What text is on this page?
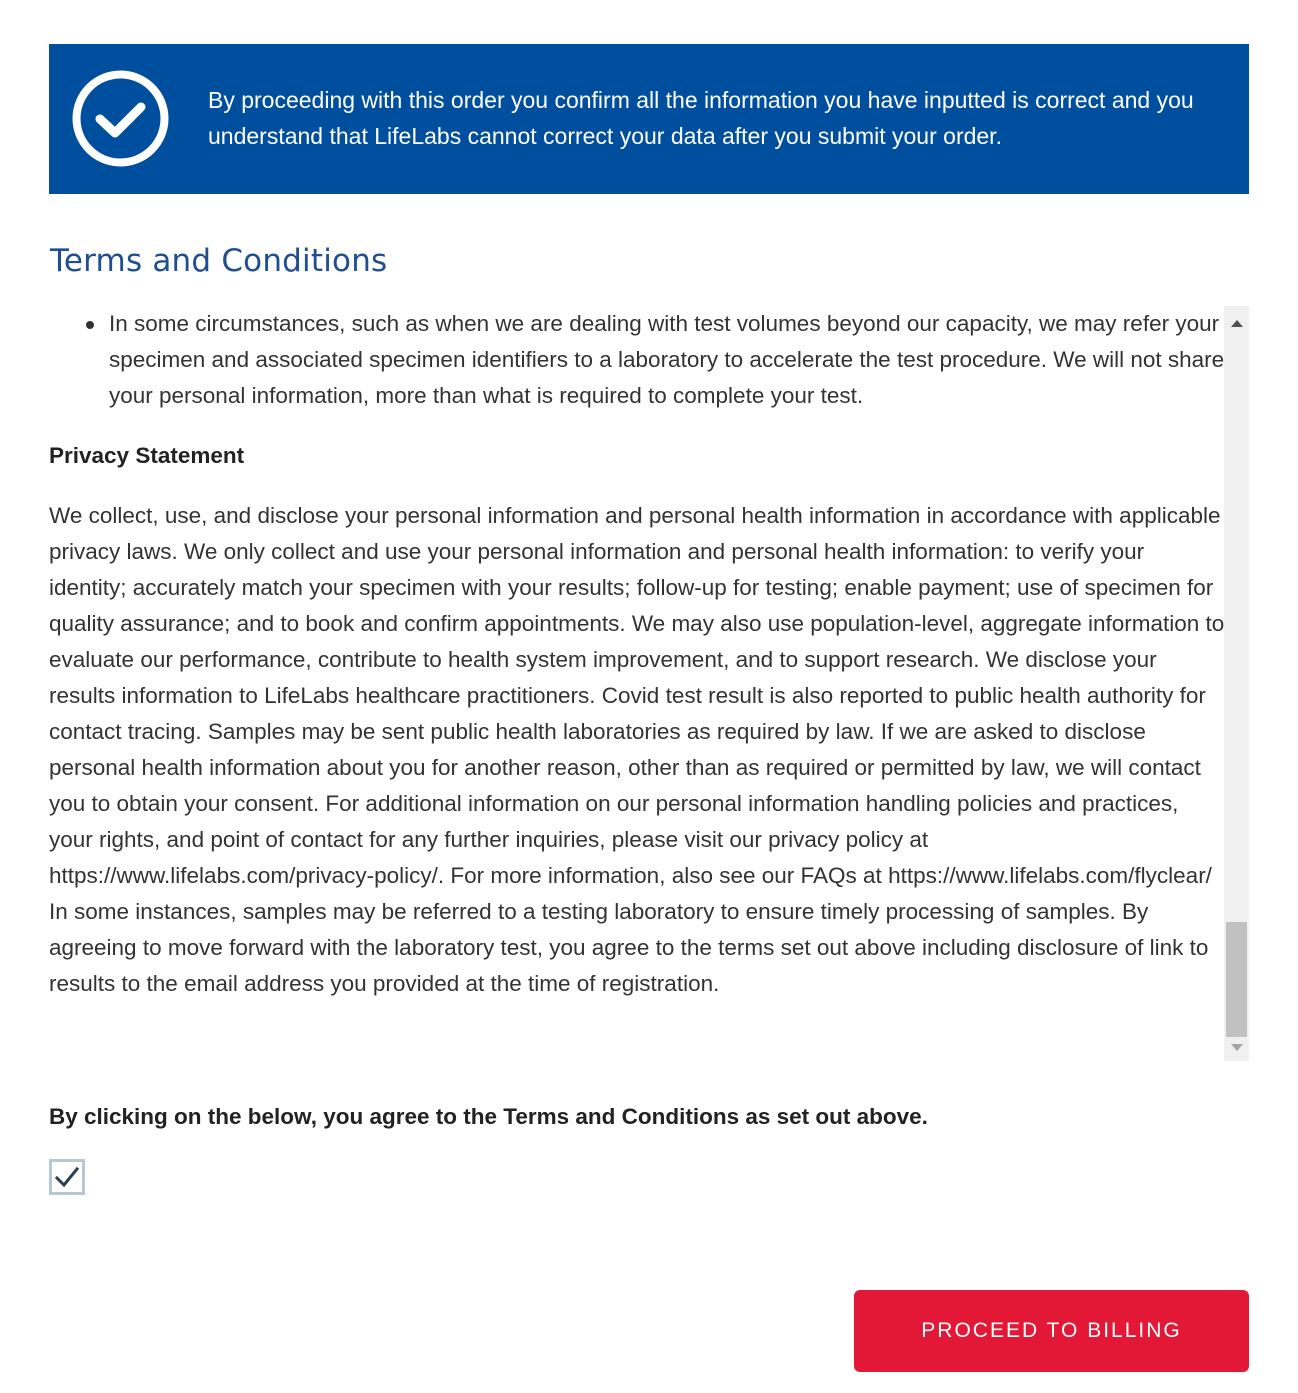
By proceeding with this order you confirm all the information you have inputted is correct and you understand that LifeLabs cannot correct your data after you submit your order.

Terms and Conditions
In some circumstances, such as when we are dealing with test volumes beyond our capacity, we may refer your specimen and associated specimen identifiers to a laboratory to accelerate the test procedure. We will not share your personal information, more than what is required to complete your test.

Privacy Statement

We collect, use, and disclose your personal information and personal health information in accordance with applicable privacy laws. We only collect and use your personal information and personal health information: to verify your identity; accurately match your specimen with your results; follow-up for testing; enable payment; use of specimen for quality assurance; and to book and confirm appointments. We may also use population-level, aggregate information to evaluate our performance, contribute to health system improvement, and to support research. We disclose your results information to LifeLabs healthcare practitioners. Covid test result is also reported to public health authority for contact tracing. Samples may be sent public health laboratories as required by law. If we are asked to disclose personal health information about you for another reason, other than as required or permitted by law, we will contact you to obtain your consent. For additional information on our personal information handling policies and practices, your rights, and point of contact for any further inquiries, please visit our privacy policy at https://www.lifelabs.com/privacy-policy/. For more information, also see our FAQs at https://www.lifelabs.com/flyclear/ In some instances, samples may be referred to a testing laboratory to ensure timely processing of samples. By agreeing to move forward with the laboratory test, you agree to the terms set out above including disclosure of link to results to the email address you provided at the time of registration.

By clicking on the below, you agree to the Terms and Conditions as set out above.

PROCEED TO BILLING
